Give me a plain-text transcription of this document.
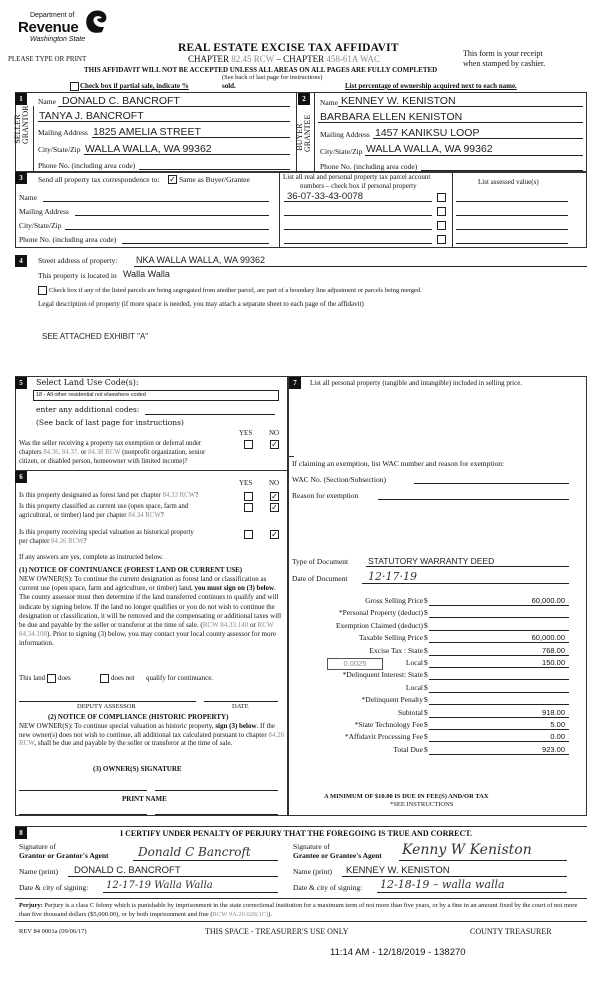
Department of
Revenue
Washington State
PLEASE TYPE OR PRINT
REAL ESTATE EXCISE TAX AFFIDAVIT
CHAPTER 82.45 RCW – CHAPTER 458-61A WAC
This form is your receipt
when stamped by cashier.
THIS AFFIDAVIT WILL NOT BE ACCEPTED UNLESS ALL AREAS ON ALL PAGES ARE FULLY COMPLETED
(See back of last page for instructions)
Check box if partial sale, indicate %	sold.	List percentage of ownership acquired next to each name.
1
SELLER GRANTOR
Name DONALD C. BANCROFT
TANYA J. BANCROFT
Mailing Address 1825 AMELIA STREET
City/State/Zip WALLA WALLA, WA 99362
Phone No. (including area code)
2
BUYER GRANTEE
Name KENNEY W. KENISTON
BARBARA ELLEN KENISTON
Mailing Address 1457 KANIKSU LOOP
City/State/Zip WALLA WALLA, WA 99362
Phone No. (including area code)
3	Send all property tax correspondence to: ✓ Same as Buyer/Grantee
Name
Mailing Address
City/State/Zip
Phone No. (including area code)
List all real and personal property tax parcel account
numbers – check box if personal property	List assessed value(s)
36-07-33-43-0078
4	Street address of property: NKA WALLA WALLA, WA 99362
This property is located in Walla Walla
Check box if any of the listed parcels are being segregated from another parcel, are part of a boundary line adjustment or parcels being merged.
Legal description of property (if more space is needed, you may attach a separate sheet to each page of the affidavit)
SEE ATTACHED EXHIBIT "A"
5	Select Land Use Code(s):
18 - All other residential not elsewhere coded
enter any additional codes:
(See back of last page for instructions)
YES NO
Was the seller receiving a property tax exemption or deferral under
chapters 84.36, 84.37, or 84.38 RCW (nonprofit organization, senior
citizen, or disabled person, homeowner with limited income)?
✓
6
YES NO
Is this property designated as forest land per chapter 84.33 RCW?	✓
Is this property classified as current use (open space, farm and
agricultural, or timber) land per chapter 84.34 RCW?
✓
Is this property receiving special valuation as historical property
per chapter 84.26 RCW?
✓
If any answers are yes, complete as instructed below.
(1) NOTICE OF CONTINUANCE (FOREST LAND OR CURRENT USE)
NEW OWNER(S): To continue the current designation as forest land or classification as current use (open space, farm and agriculture, or timber) land, you must sign on (3) below. The county assessor must then determine if the land transferred continues to qualify and will indicate by signing below. If the land no longer qualifies or you do not wish to continue the designation or classification, it will be removed and the compensating or additional taxes will be due and payable by the seller or transferor at the time of sale. (RCW 84.33.140 or RCW 84.34.108). Prior to signing (3) below, you may contact your local county assessor for more information.
This land does	does not qualify for continuance.
DEPUTY ASSESSOR	DATE
(2) NOTICE OF COMPLIANCE (HISTORIC PROPERTY)
NEW OWNER(S): To continue special valuation as historic property, sign (3) below. If the new owner(s) does not wish to continue, all additional tax calculated pursuant to chapter 84.26 RCW, shall be due and payable by the seller or transferor at the time of sale.
(3) OWNER(S) SIGNATURE
PRINT NAME
7	List all personal property (tangible and intangible) included in selling price.
If claiming an exemption, list WAC number and reason for exemption:
WAC No. (Section/Subsection)
Reason for exemption
Type of Document STATUTORY WARRANTY DEED
Date of Document 12·17·19
0.0025
Gross Selling Price $	60,000.00
*Personal Property (deduct) $
Exemption Claimed (deduct) $
Taxable Selling Price $	60,000.00
Excise Tax : State $	768.00
Local $	150.00
*Delinquent Interest: State $
Local $
*Delinquent Penalty $
Subtotal $	918.00
*State Technology Fee $	5.00
*Affidavit Processing Fee $	0.00
Total Due $	923.00
A MINIMUM OF $10.00 IS DUE IN FEE(S) AND/OR TAX
*SEE INSTRUCTIONS
8	I CERTIFY UNDER PENALTY OF PERJURY THAT THE FOREGOING IS TRUE AND CORRECT.
Signature of
Grantor or Grantor's Agent Donald C Bancroft
Name (print) DONALD C. BANCROFT
Date & city of signing: 12-17-19 Walla Walla
Signature of
Grantee or Grantee's Agent Kenny W Keniston
Name (print) KENNEY W. KENISTON
Date & city of signing: 12-18-19 – walla walla
Perjury: Perjury is a class C felony which is punishable by imprisonment in the state correctional institution for a maximum term of not more than five years, or by a fine in an amount fixed by the court of not more than five thousand dollars ($5,000.00), or by both imprisonment and fine (RCW 9A.20.020(1C)).
REV 84 0001a (09/06/17)	THIS SPACE - TREASURER'S USE ONLY	COUNTY TREASURER
11:14 AM - 12/18/2019 - 138270
